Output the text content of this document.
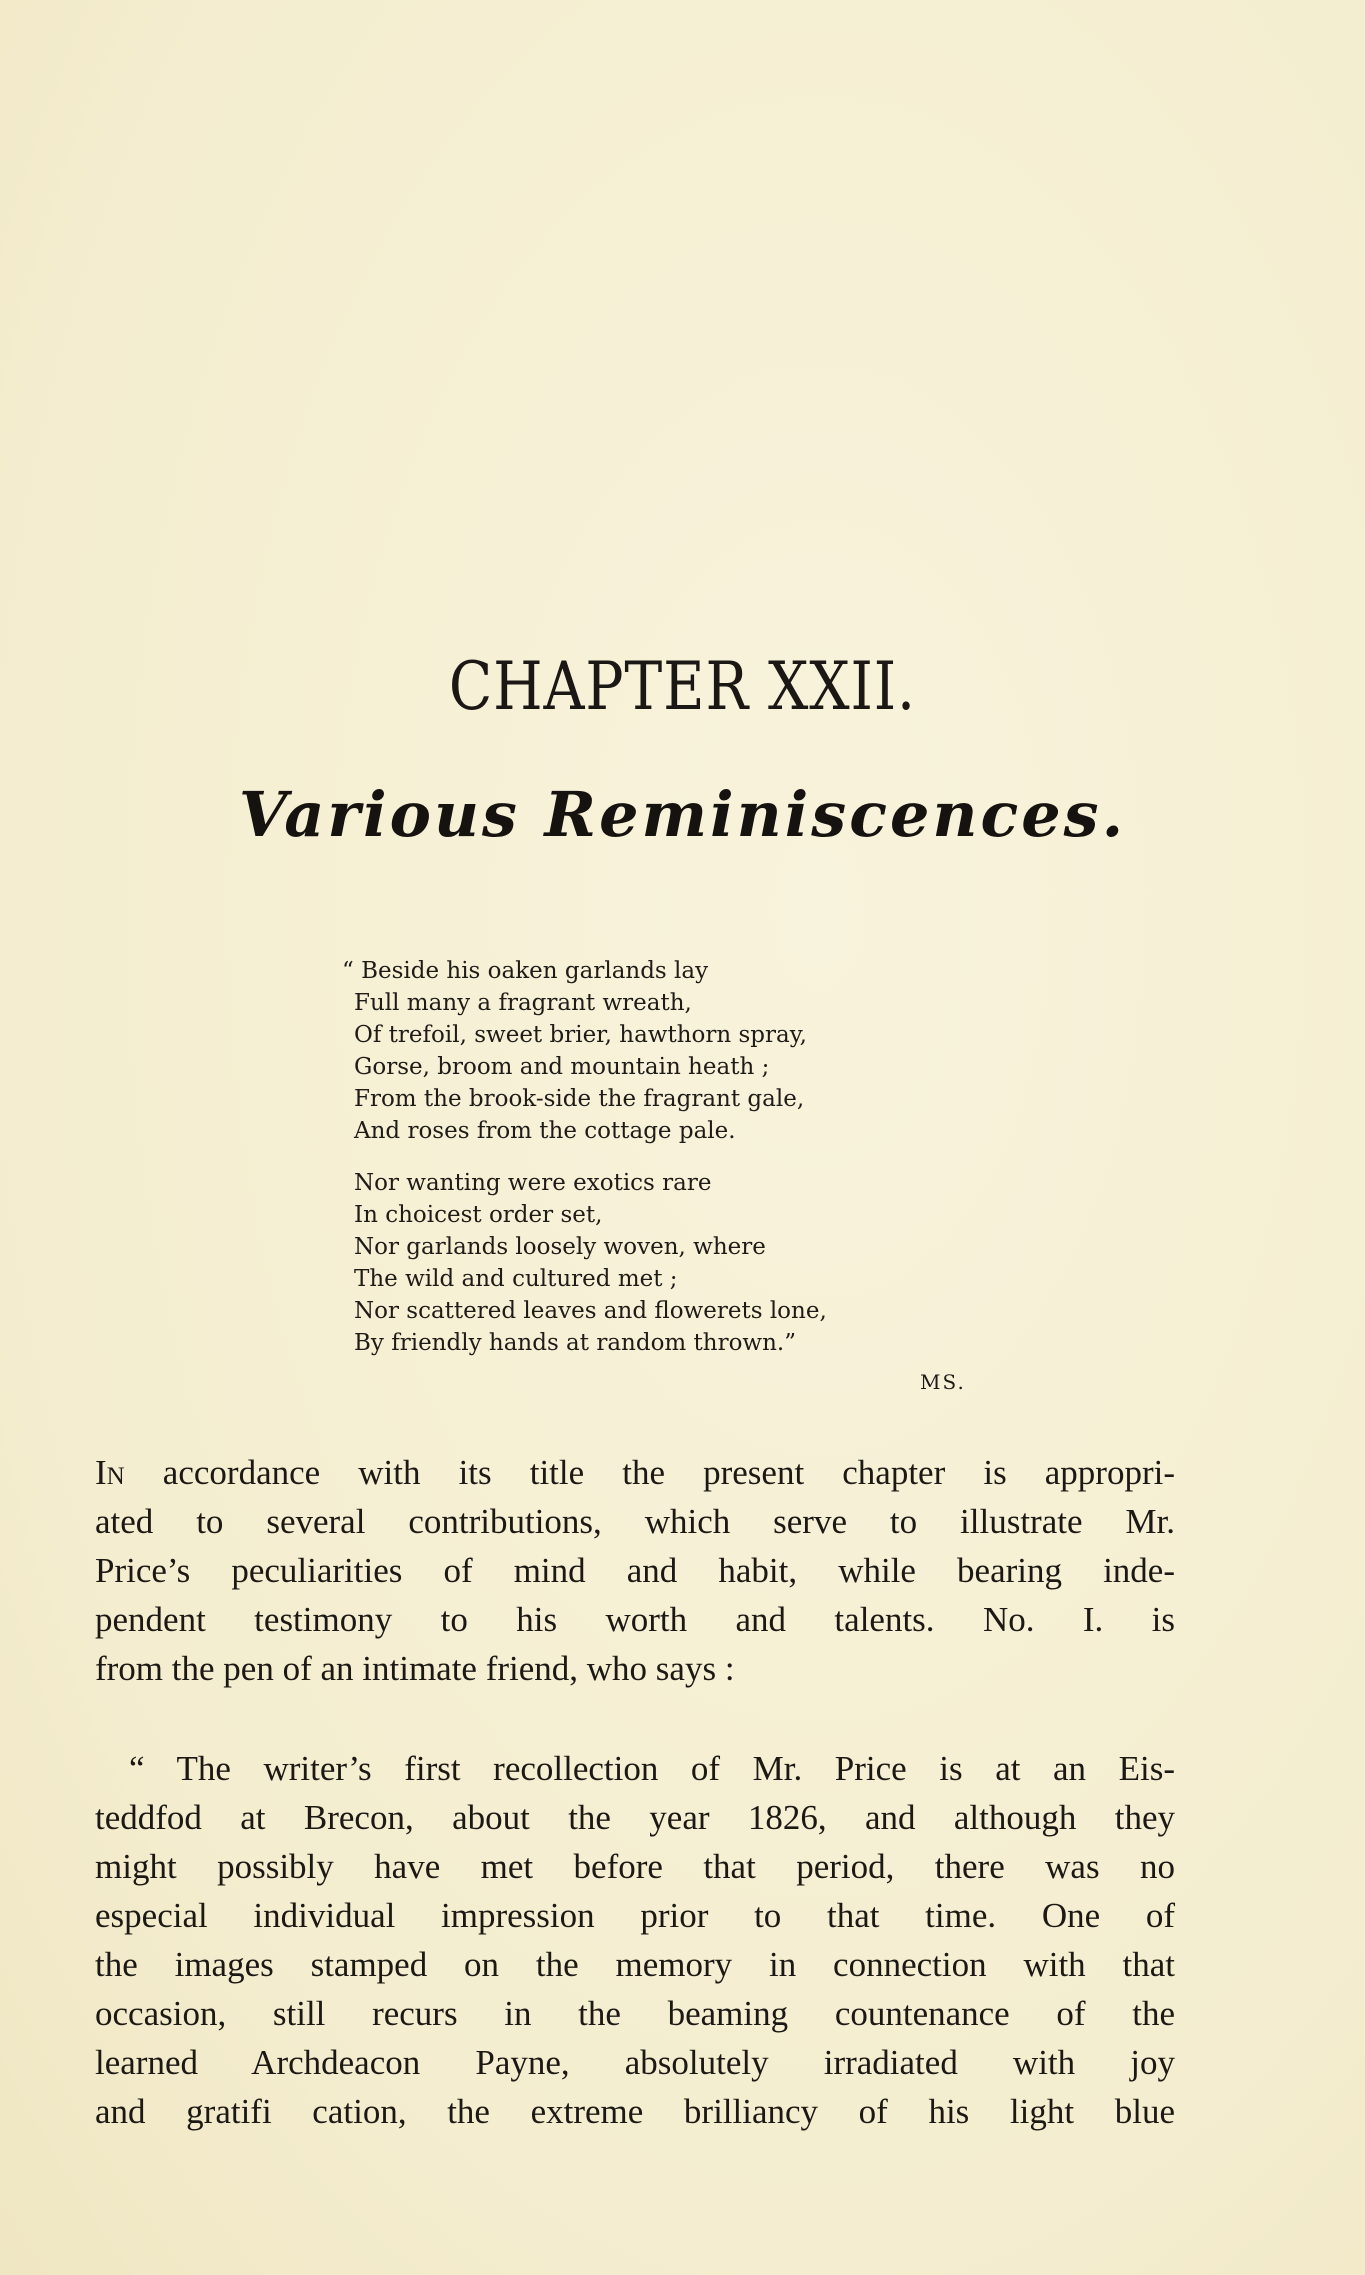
CHAPTER XXII.
Various Reminiscences.
“ Beside his oaken garlands lay
Full many a fragrant wreath,
Of trefoil, sweet brier, hawthorn spray,
Gorse, broom and mountain heath ;
From the brook-side the fragrant gale,
And roses from the cottage pale.
Nor wanting were exotics rare
In choicest order set,
Nor garlands loosely woven, where
The wild and cultured met ;
Nor scattered leaves and flowerets lone,
By friendly hands at random thrown.”
MS.
In accordance with its title the present chapter is appropri-
ated to several contributions, which serve to illustrate Mr.
Price’s peculiarities of mind and habit, while bearing inde-
pendent testimony to his worth and talents. No. I. is
from the pen of an intimate friend, who says :
“ The writer’s first recollection of Mr. Price is at an Eis-
teddfod at Brecon, about the year 1826, and although they
might possibly have met before that period, there was no
especial individual impression prior to that time. One of
the images stamped on the memory in connection with that
occasion, still recurs in the beaming countenance of the
learned Archdeacon Payne, absolutely irradiated with joy
and gratifi cation, the extreme brilliancy of his light blue
